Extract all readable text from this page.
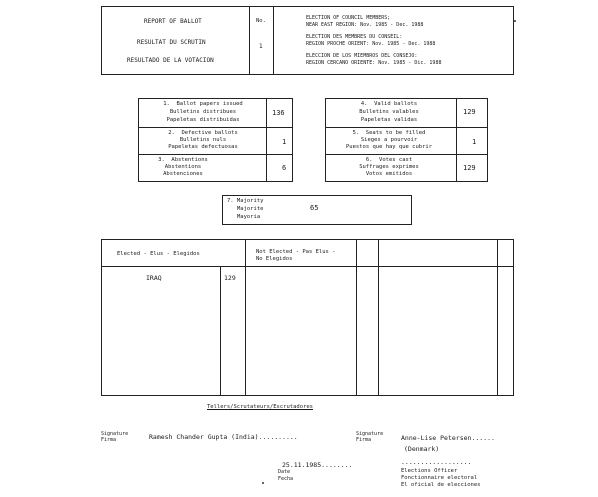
REPORT OF BALLOT
RESULTAT DU SCRUTIN
RESULTADO DE LA VOTACION
No.
1
ELECTION OF COUNCIL MEMBERS;
NEAR EAST REGION: Nov. 1985 - Dec. 1988
ELECTION DES MEMBRES DU CONSEIL:
REGION PROCHE ORIENT: Nov. 1985 - Dec. 1988
ELECCION DE LOS MIEMBROS DEL CONSEJO:
REGION CERCANO ORIENTE: Nov. 1985 - Dic. 1988
1.  Ballot papers issued
Bulletins distribues
Papeletas distribuidas
136
2.  Defective ballots
Bulletins nuls
Papeletas defectuosas
1
3.  Abstentions
Abstentions
Abstenciones
6
4.  Valid ballots
Bulletins valables
Papeletas validas
129
5.  Seats to be filled
Sieges a pourvoir
Puestos que hay que cubrir
1
6.  Votes cast
Suffrages exprimes
Votos emitidos
129
7. Majority
Majorite
Mayoria
65
Elected - Elus - Elegidos	Not Elected - Pas Elus -
No Elegidos
IRAQ	129
Tellers/Scrutateurs/Escrutadores
Signature
Firma	Ramesh Chander Gupta (India)..........	Signature
Firma	Anne-Lise Petersen......
(Denmark)
..................
25.11.1985........
Date
Fecha
Elections Officer
Fonctionnaire electoral
El oficial de elecciones
